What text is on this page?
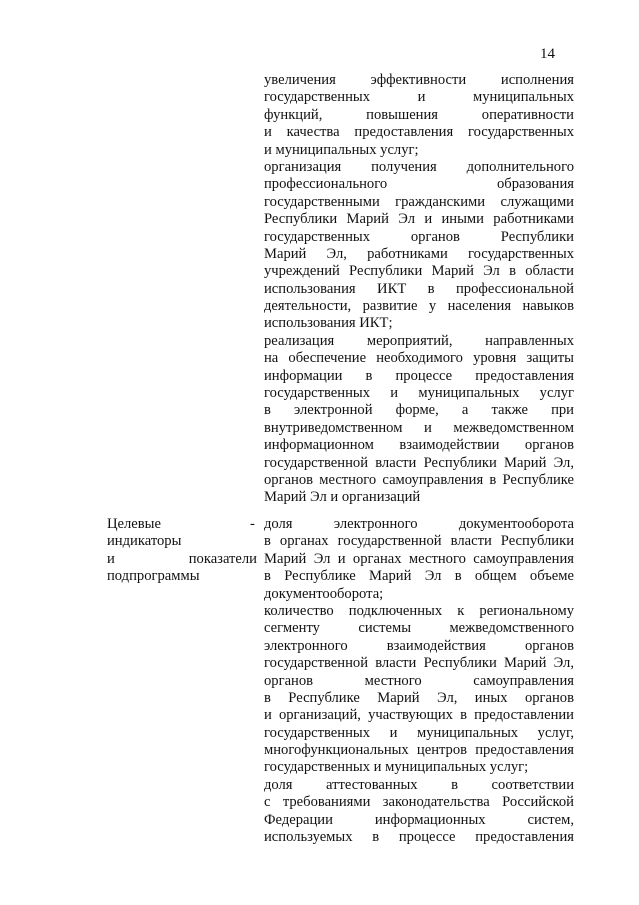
14
увеличения эффективности исполнения
государственных и муниципальных
функций, повышения оперативности
и качества предоставления государственных
и муниципальных услуг;
организация получения дополнительного
профессионального образования
государственными гражданскими служащими
Республики Марий Эл и иными работниками
государственных органов Республики
Марий Эл, работниками государственных
учреждений Республики Марий Эл в области
использования ИКТ в профессиональной
деятельности, развитие у населения навыков
использования ИКТ;
реализация мероприятий, направленных
на обеспечение необходимого уровня защиты
информации в процессе предоставления
государственных и муниципальных услуг
в электронной форме, а также при
внутриведомственном и межведомственном
информационном взаимодействии органов
государственной власти Республики Марий Эл,
органов местного самоуправления в Республике
Марий Эл и организаций
Целевые
индикаторы
и показатели
подпрограммы
- доля электронного документооборота
в органах государственной власти Республики
Марий Эл и органах местного самоуправления
в Республике Марий Эл в общем объеме
документооборота;
количество подключенных к региональному
сегменту системы межведомственного
электронного взаимодействия органов
государственной власти Республики Марий Эл,
органов местного самоуправления
в Республике Марий Эл, иных органов
и организаций, участвующих в предоставлении
государственных и муниципальных услуг,
многофункциональных центров предоставления
государственных и муниципальных услуг;
доля аттестованных в соответствии
с требованиями законодательства Российской
Федерации информационных систем,
используемых в процессе предоставления
